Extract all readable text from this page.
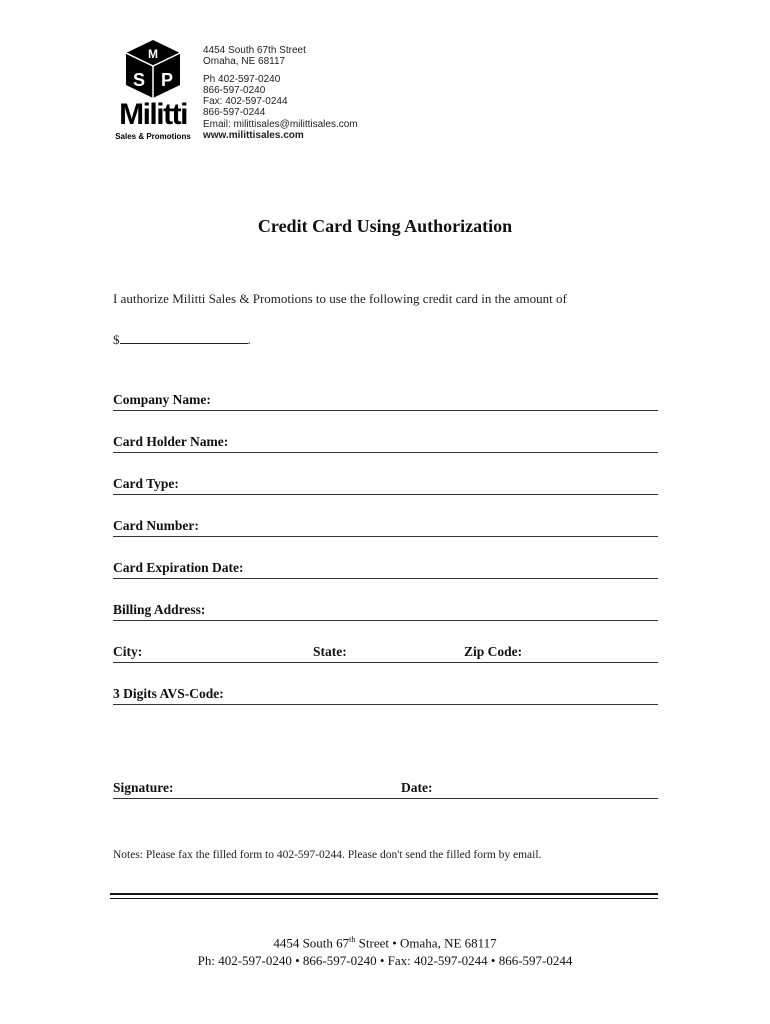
M
S P
Militti
Sales & Promotions
4454 South 67th Street
Omaha, NE 68117
Ph 402-597-0240
866-597-0240
Fax: 402-597-0244
866-597-0244
Email: milittisales@milittisales.com
www.milittisales.com
Credit Card Using Authorization
I authorize Militti Sales & Promotions to use the following credit card in the amount of
$	.
Company Name:
Card Holder Name:
Card Type:
Card Number:
Card Expiration Date:
Billing Address:
City:	State:	Zip Code:
3 Digits AVS-Code:
Signature:	Date:
Notes: Please fax the filled form to 402-597-0244. Please don't send the filled form by email.
4454 South 67th Street • Omaha, NE 68117
Ph: 402-597-0240 • 866-597-0240 • Fax: 402-597-0244 • 866-597-0244
